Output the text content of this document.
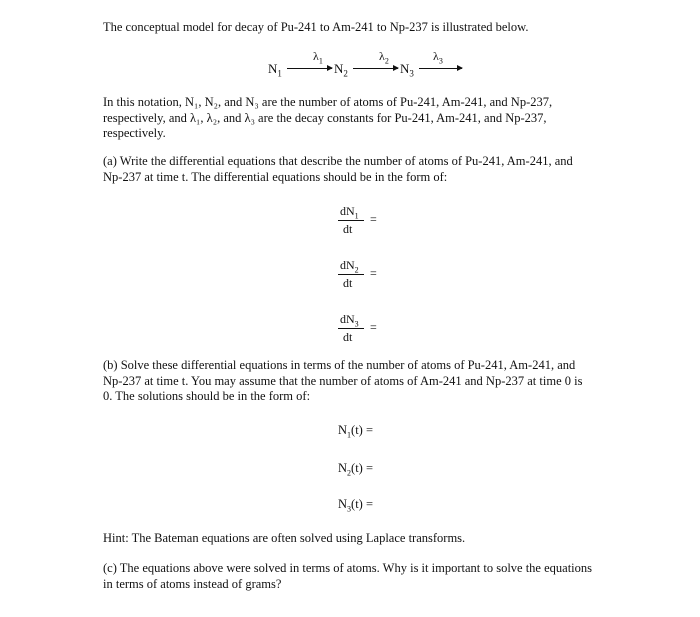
The conceptual model for decay of Pu-241 to Am-241 to Np-237 is illustrated below.
$N_1$
$\lambda_1$
$N_2$
$\lambda_2$
$N_3$
$\lambda_3$
In this notation, N₁, N₂, and N₃ are the number of atoms of Pu-241, Am-241, and Np-237, respectively, and λ₁, λ₂, and λ₃ are the decay constants for Pu-241, Am-241, and Np-237, respectively.
(a) Write the differential equations that describe the number of atoms of Pu-241, Am-241, and Np-237 at time t. The differential equations should be in the form of:
$dN_1$
dt
=
$dN_2$
dt
=
$dN_3$
dt
=
(b) Solve these differential equations in terms of the number of atoms of Pu-241, Am-241, and Np-237 at time t. You may assume that the number of atoms of Am-241 and Np-237 at time 0 is 0. The solutions should be in the form of:
$N_1(t)$ =
$N_2(t)$ =
$N_3(t)$ =
Hint: The Bateman equations are often solved using Laplace transforms.
(c) The equations above were solved in terms of atoms. Why is it important to solve the equations in terms of atoms instead of grams?
